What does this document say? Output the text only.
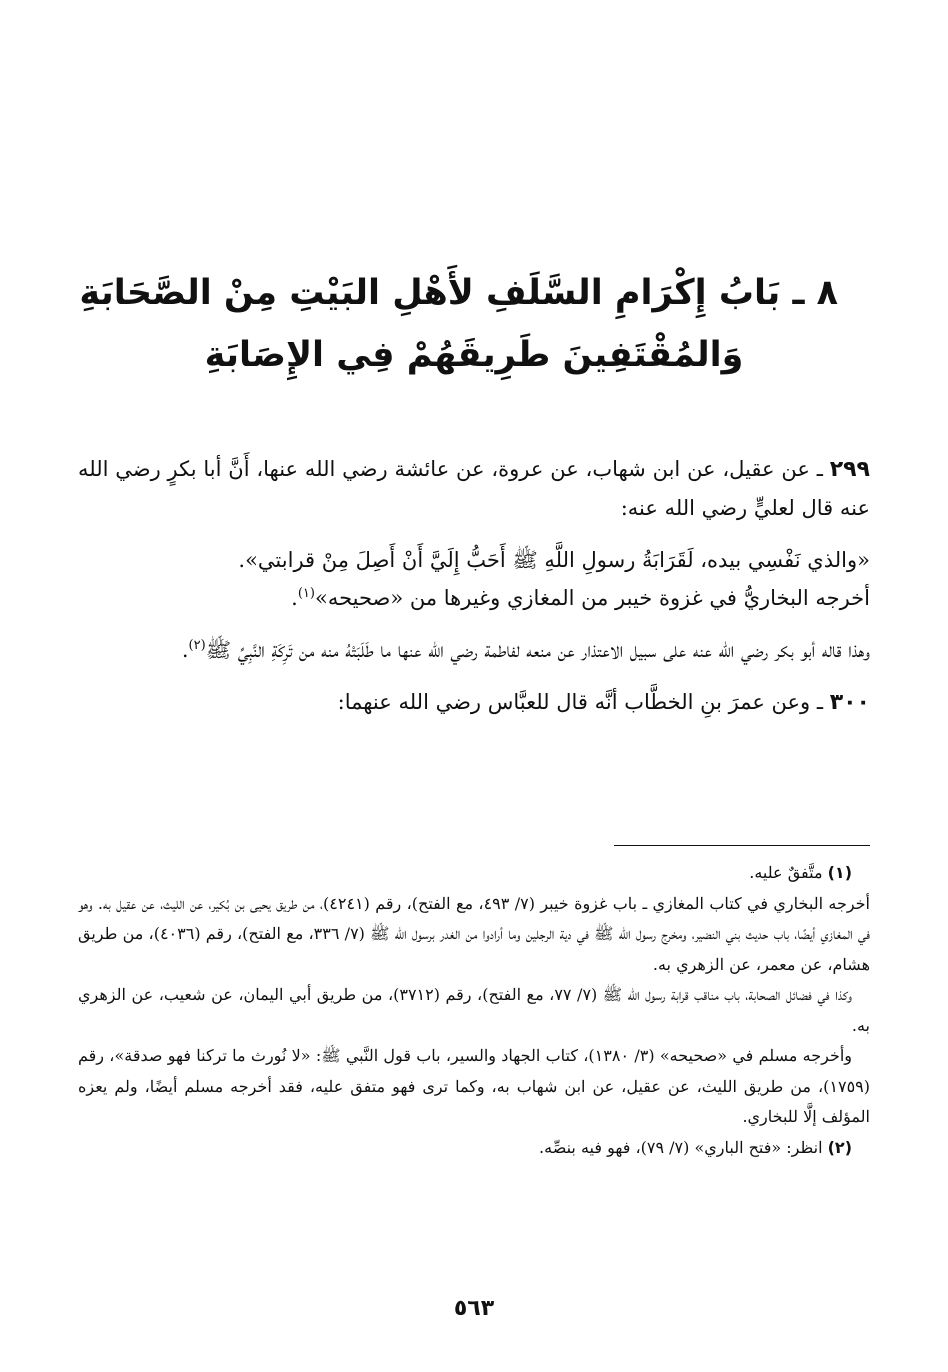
٨ ـ بَابُ إِكْرَامِ السَّلَفِ لأَهْلِ البَيْتِ مِنْ الصَّحَابَةِ
وَالمُقْتَفِينَ طَرِيقَهُمْ فِي الإِصَابَةِ

٢٩٩ ـ عن عقيل، عن ابن شهاب، عن عروة، عن عائشة رضي الله عنها، أَنَّ أبا بكرٍ رضي الله عنه قال لعليٍّ رضي الله عنه:

«والذي نَفْسِي بيده، لَقَرَابَةُ رسولِ اللَّهِ ﷺ أَحَبُّ إِلَيَّ أَنْ أَصِلَ مِنْ قرابتي».

أخرجه البخاريُّ في غزوة خيبر من المغازي وغيرها من «صحيحه»$^{(١)}$.

وهذا قاله أبو بكر رضي الله عنه على سبيل الاعتذار عن منعه لفاطمة رضي الله عنها ما طَلَبَتْهُ منه من تَرِكَةِ النَّبِيِّ ﷺ$^{(٢)}$.

٣٠٠ ـ وعن عمرَ بنِ الخطَّاب أنَّه قال للعبَّاس رضي الله عنهما:

(١) متَّفقٌ عليه.

أخرجه البخاري في كتاب المغازي ـ باب غزوة خيبر (٧/ ٤٩٣، مع الفتح)، رقم (٤٢٤١)، من طريق يحيى بن بُكير، عن الليث، عن عقيل به. وهو في المغازي أيضًا، باب حديث بني النضير، ومخرج رسول الله ﷺ في دية الرجلين وما أرادوا من الغدر برسول الله ﷺ (٧/ ٣٣٦، مع الفتح)، رقم (٤٠٣٦)، من طريق هشام، عن معمر، عن الزهري به.

وكذا في فضائل الصحابة، باب مناقب قرابة رسول الله ﷺ (٧/ ٧٧، مع الفتح)، رقم (٣٧١٢)، من طريق أبي اليمان، عن شعيب، عن الزهري به.

وأخرجه مسلم في «صحيحه» (٣/ ١٣٨٠)، كتاب الجهاد والسير، باب قول النَّبي ﷺ: «لا نُورث ما تركنا فهو صدقة»، رقم (١٧٥٩)، من طريق الليث، عن عقيل، عن ابن شهاب به، وكما ترى فهو متفق عليه، فقد أخرجه مسلم أيضًا، ولم يعزه المؤلف إلَّا للبخاري.

(٢) انظر: «فتح الباري» (٧/ ٧٩)، فهو فيه بنصِّه.

٥٦٣
